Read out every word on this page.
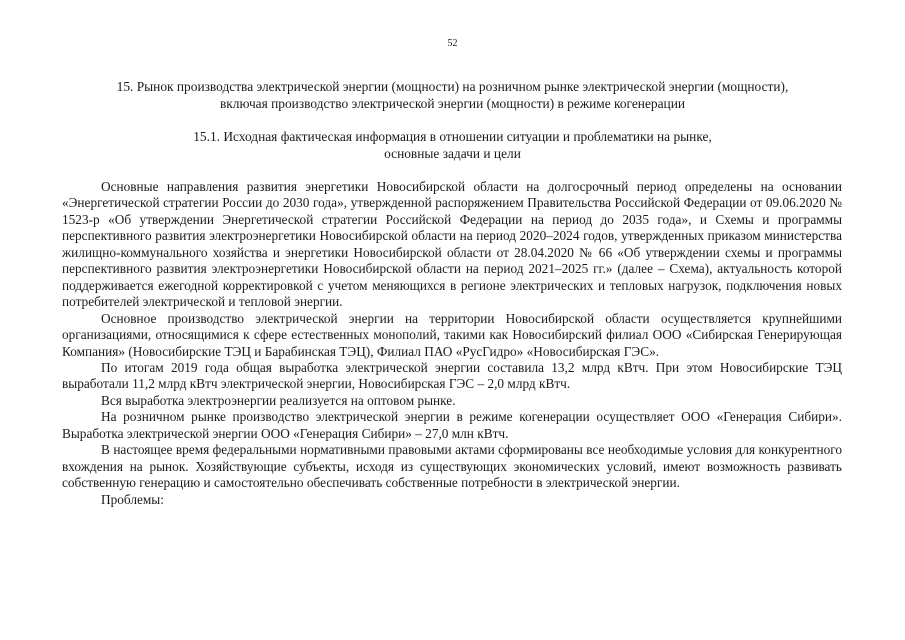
52
15. Рынок производства электрической энергии (мощности) на розничном рынке электрической энергии (мощности),
включая производство электрической энергии (мощности) в режиме когенерации
15.1. Исходная фактическая информация в отношении ситуации и проблематики на рынке,
основные задачи и цели

Основные направления развития энергетики Новосибирской области на долгосрочный период определены на основании «Энергетической стратегии России до 2030 года», утвержденной распоряжением Правительства Российской Федерации от 09.06.2020 № 1523-р «Об утверждении Энергетической стратегии Российской Федерации на период до 2035 года», и Схемы и программы перспективного развития электроэнергетики Новосибирской области на период 2020–2024 годов, утвержденных приказом министерства жилищно-коммунального хозяйства и энергетики Новосибирской области от 28.04.2020 № 66 «Об утверждении схемы и программы перспективного развития электроэнергетики Новосибирской области на период 2021–2025 гг.» (далее – Схема), актуальность которой поддерживается ежегодной корректировкой с учетом меняющихся в регионе электрических и тепловых нагрузок, подключения новых потребителей электрической и тепловой энергии.

Основное производство электрической энергии на территории Новосибирской области осуществляется крупнейшими организациями, относящимися к сфере естественных монополий, такими как Новосибирский филиал ООО «Сибирская Генерирующая Компания» (Новосибирские ТЭЦ и Барабинская ТЭЦ), Филиал ПАО «РусГидро» «Новосибирская ГЭС».

По итогам 2019 года общая выработка электрической энергии составила 13,2 млрд кВтч. При этом Новосибирские ТЭЦ выработали 11,2 млрд кВтч электрической энергии, Новосибирская ГЭС – 2,0 млрд кВтч.

Вся выработка электроэнергии реализуется на оптовом рынке.

На розничном рынке производство электрической энергии в режиме когенерации осуществляет ООО «Генерация Сибири». Выработка электрической энергии ООО «Генерация Сибири» – 27,0 млн кВтч.

В настоящее время федеральными нормативными правовыми актами сформированы все необходимые условия для конкурентного вхождения на рынок. Хозяйствующие субъекты, исходя из существующих экономических условий, имеют возможность развивать собственную генерацию и самостоятельно обеспечивать собственные потребности в электрической энергии.

Проблемы:
